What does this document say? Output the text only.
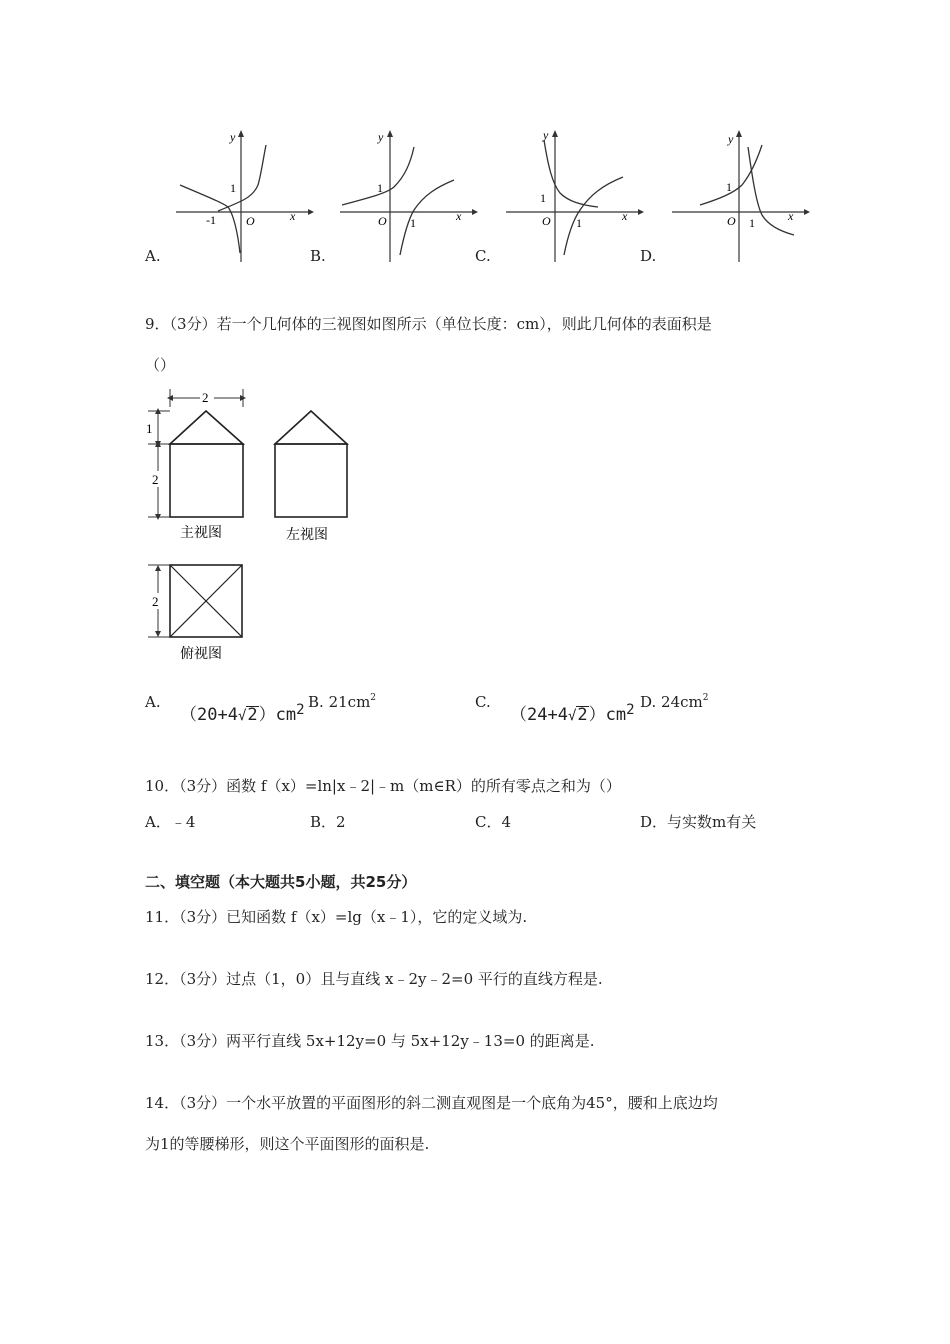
y
x
O
1
-1
A.
y
x
O
1
1
B.
y
x
O
1
1
C.
y
x
O
1
1
D.
9．（3分）若一个几何体的三视图如图所示（单位长度：cm），则此几何体的表面积是
（）
2
1
2
主视图	左视图
2
俯视图
A.
$(20+4√2)cm^2$ B. $21cm^2$	C.
$(24+4√2)cm^2$ D. $24cm^2$
10．（3分）函数 f（x）=ln|x﹣2|﹣m（m∈R）的所有零点之和为（）
A．﹣4	B．2	C．4	D．与实数m有关
二、填空题（本大题共5小题，共25分）
11．（3分）已知函数 f（x）=lg（x﹣1），它的定义域为.
12．（3分）过点（1，0）且与直线 x﹣2y﹣2=0 平行的直线方程是.
13．（3分）两平行直线 5x+12y=0 与 5x+12y﹣13=0 的距离是.
14．（3分）一个水平放置的平面图形的斜二测直观图是一个底角为45°，腰和上底边均
为1的等腰梯形，则这个平面图形的面积是.
